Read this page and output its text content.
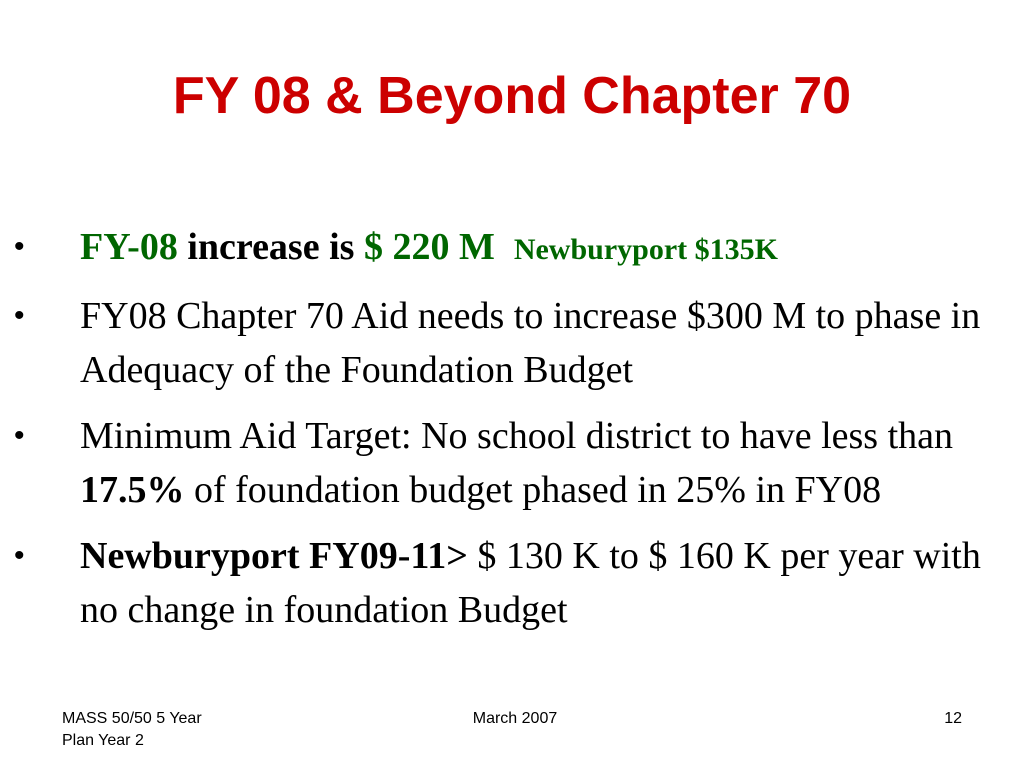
FY 08 & Beyond Chapter 70
• FY-08 increase is $ 220 M Newburyport $135K
• FY08 Chapter 70 Aid needs to increase $300 M to phase in Adequacy of the Foundation Budget
• Minimum Aid Target: No school district to have less than 17.5% of foundation budget phased in 25% in FY08
• Newburyport FY09-11> $ 130 K to $ 160 K per year with no change in foundation Budget
MASS 50/50 5 Year
Plan Year 2
March 2007	12
